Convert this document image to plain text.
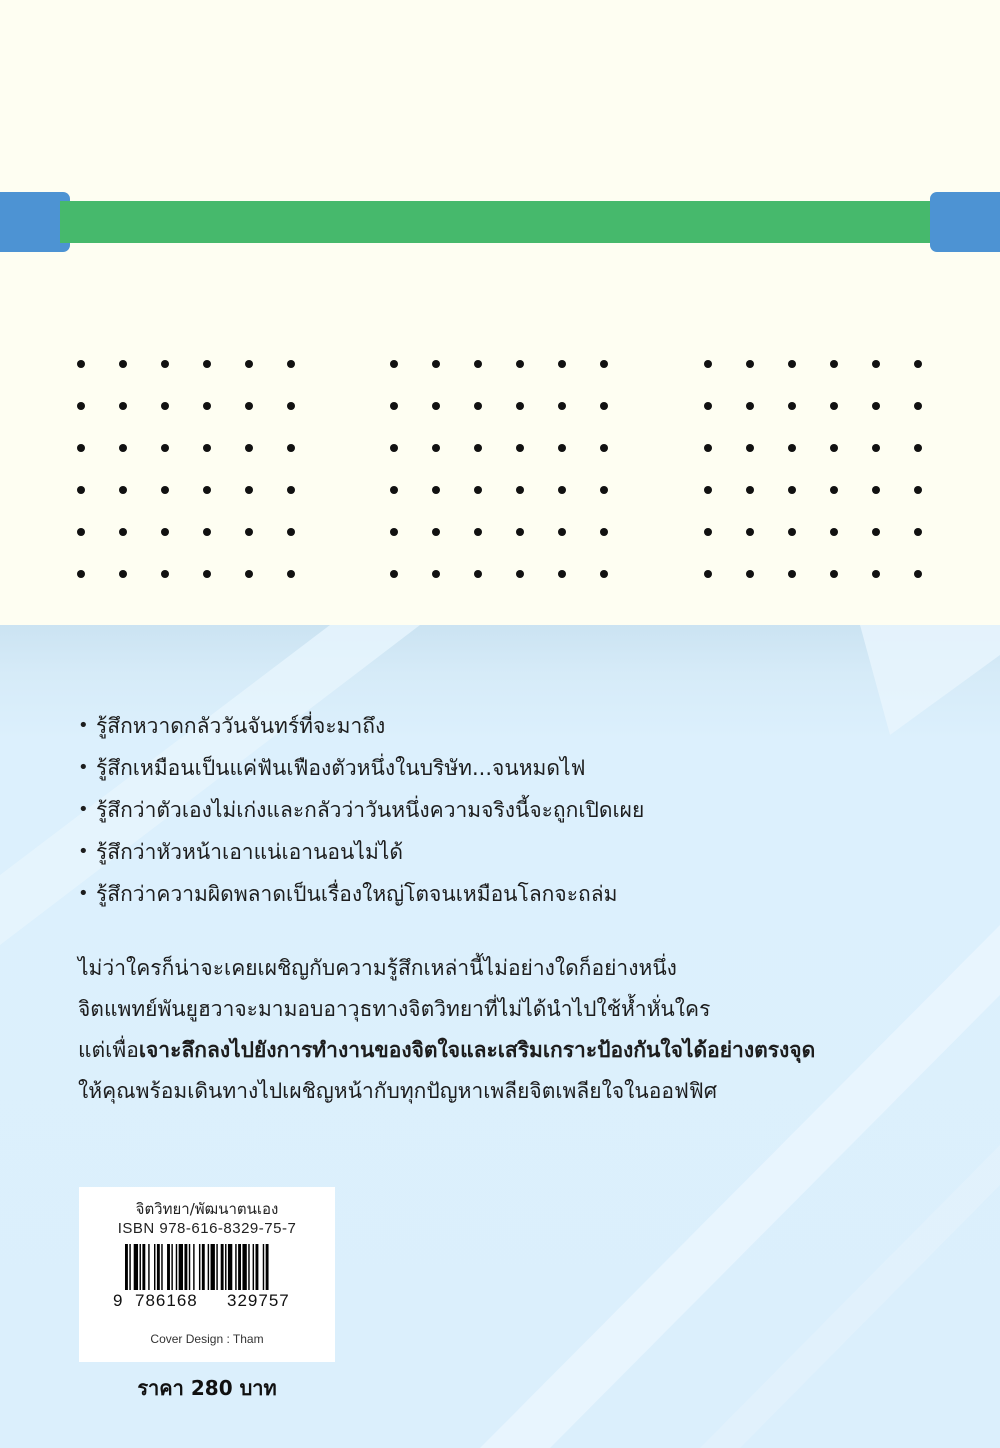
• รู้สึกหวาดกลัววันจันทร์ที่จะมาถึง
• รู้สึกเหมือนเป็นแค่ฟันเฟืองตัวหนึ่งในบริษัท...จนหมดไฟ
• รู้สึกว่าตัวเองไม่เก่งและกลัวว่าวันหนึ่งความจริงนี้จะถูกเปิดเผย
• รู้สึกว่าหัวหน้าเอาแน่เอานอนไม่ได้
• รู้สึกว่าความผิดพลาดเป็นเรื่องใหญ่โตจนเหมือนโลกจะถล่ม
ไม่ว่าใครก็น่าจะเคยเผชิญกับความรู้สึกเหล่านี้ไม่อย่างใดก็อย่างหนึ่ง
จิตแพทย์พันยูฮวาจะมามอบอาวุธทางจิตวิทยาที่ไม่ได้นำไปใช้ห้ำหั่นใคร
แต่เพื่อเจาะลึกลงไปยังการทำงานของจิตใจและเสริมเกราะป้องกันใจได้อย่างตรงจุด
ให้คุณพร้อมเดินทางไปเผชิญหน้ากับทุกปัญหาเพลียจิตเพลียใจในออฟฟิศ
จิตวิทยา/พัฒนาตนเอง
ISBN 978-616-8329-75-7
9 786168 329757
Cover Design : Tham
ราคา 280 บาท
